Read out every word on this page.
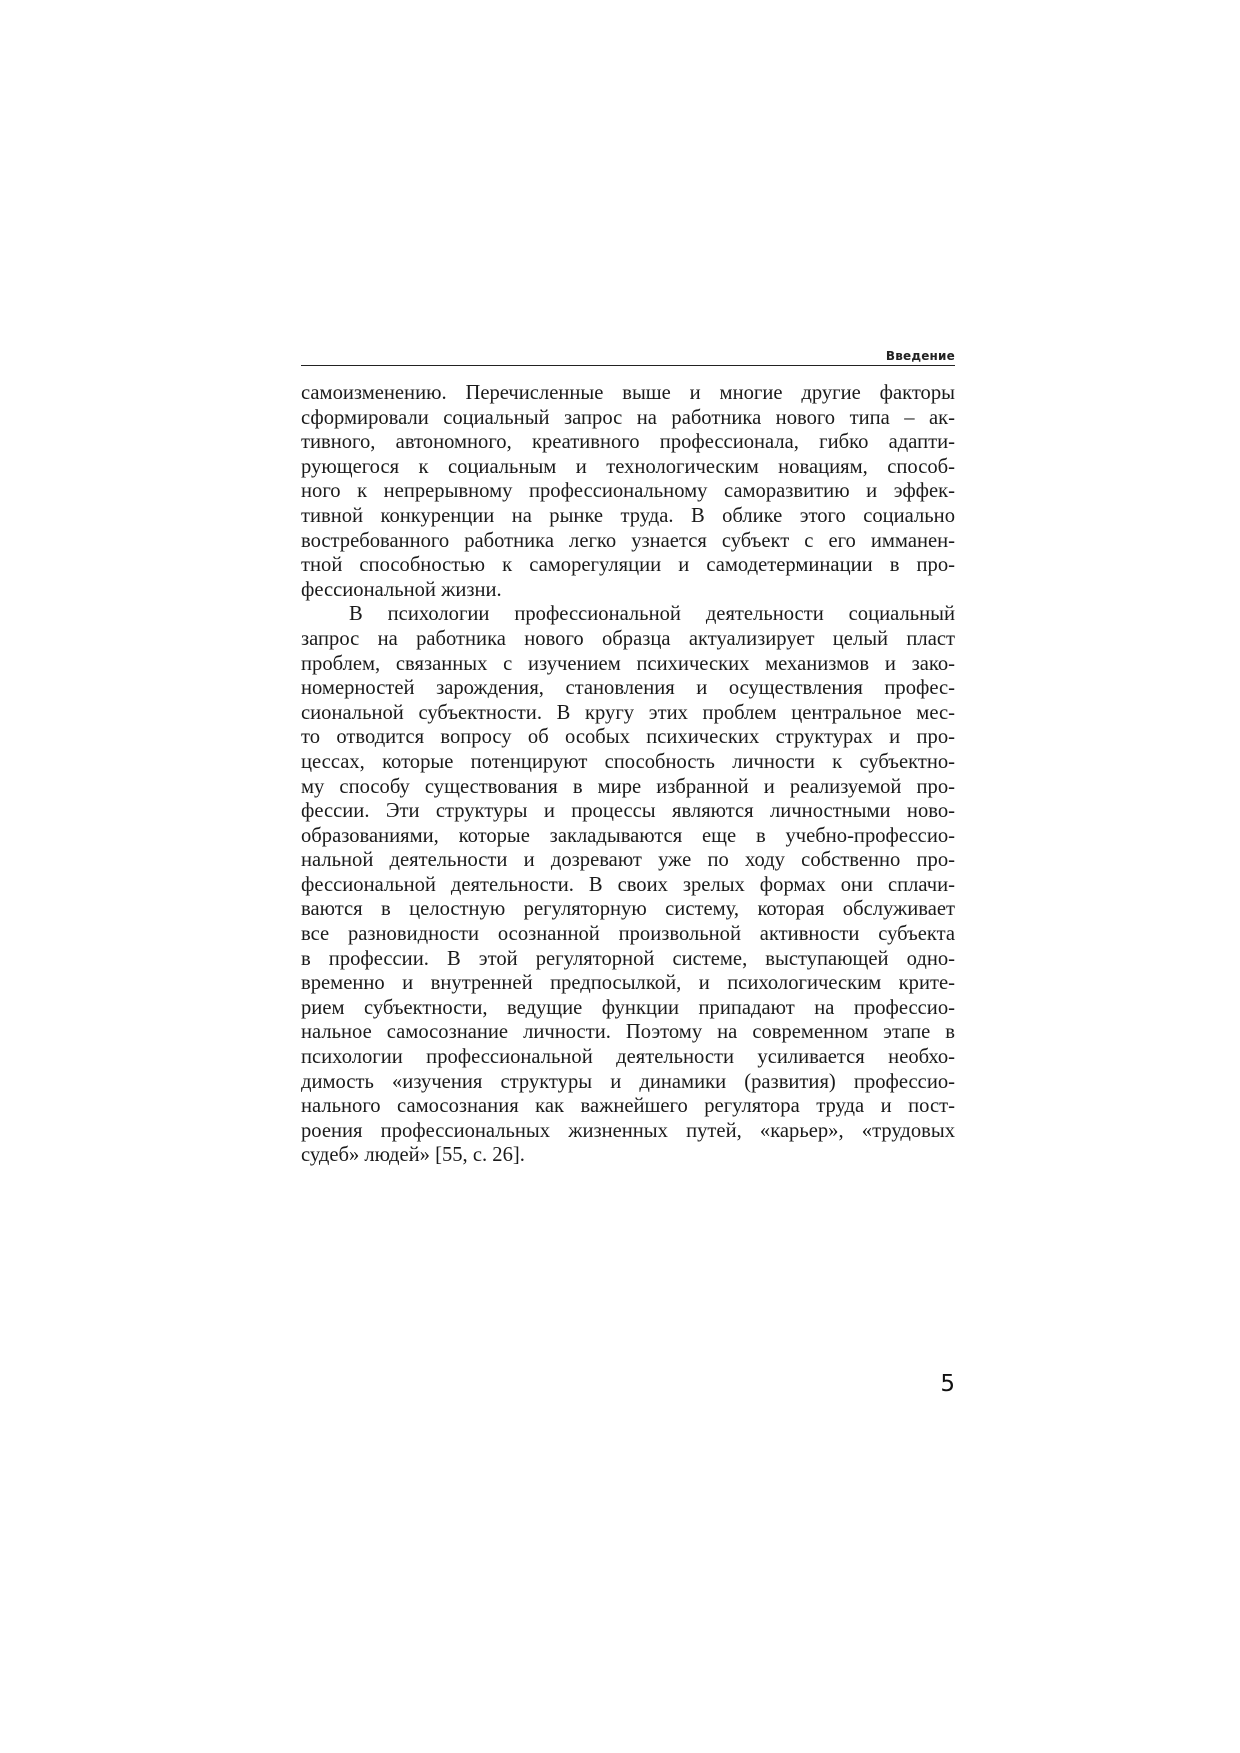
Введение
самоизменению. Перечисленные выше и многие другие факторы
сформировали социальный запрос на работника нового типа – ак-
тивного, автономного, креативного профессионала, гибко адапти-
рующегося к социальным и технологическим новациям, способ-
ного к непрерывному профессиональному саморазвитию и эффек-
тивной конкуренции на рынке труда. В облике этого социально
востребованного работника легко узнается субъект с его имманен-
тной способностью к саморегуляции и самодетерминации в про-
фессиональной жизни.
В психологии профессиональной деятельности социальный
запрос на работника нового образца актуализирует целый пласт
проблем, связанных с изучением психических механизмов и зако-
номерностей зарождения, становления и осуществления профес-
сиональной субъектности. В кругу этих проблем центральное мес-
то отводится вопросу об особых психических структурах и про-
цессах, которые потенцируют способность личности к субъектно-
му способу существования в мире избранной и реализуемой про-
фессии. Эти структуры и процессы являются личностными ново-
образованиями, которые закладываются еще в учебно-профессио-
нальной деятельности и дозревают уже по ходу собственно про-
фессиональной деятельности. В своих зрелых формах они сплачи-
ваются в целостную регуляторную систему, которая обслуживает
все разновидности осознанной произвольной активности субъекта
в профессии. В этой регуляторной системе, выступающей одно-
временно и внутренней предпосылкой, и психологическим крите-
рием субъектности, ведущие функции припадают на профессио-
нальное самосознание личности. Поэтому на современном этапе в
психологии профессиональной деятельности усиливается необхо-
димость «изучения структуры и динамики (развития) профессио-
нального самосознания как важнейшего регулятора труда и пост-
роения профессиональных жизненных путей, «карьер», «трудовых
судеб» людей» [55, с. 26].
5
